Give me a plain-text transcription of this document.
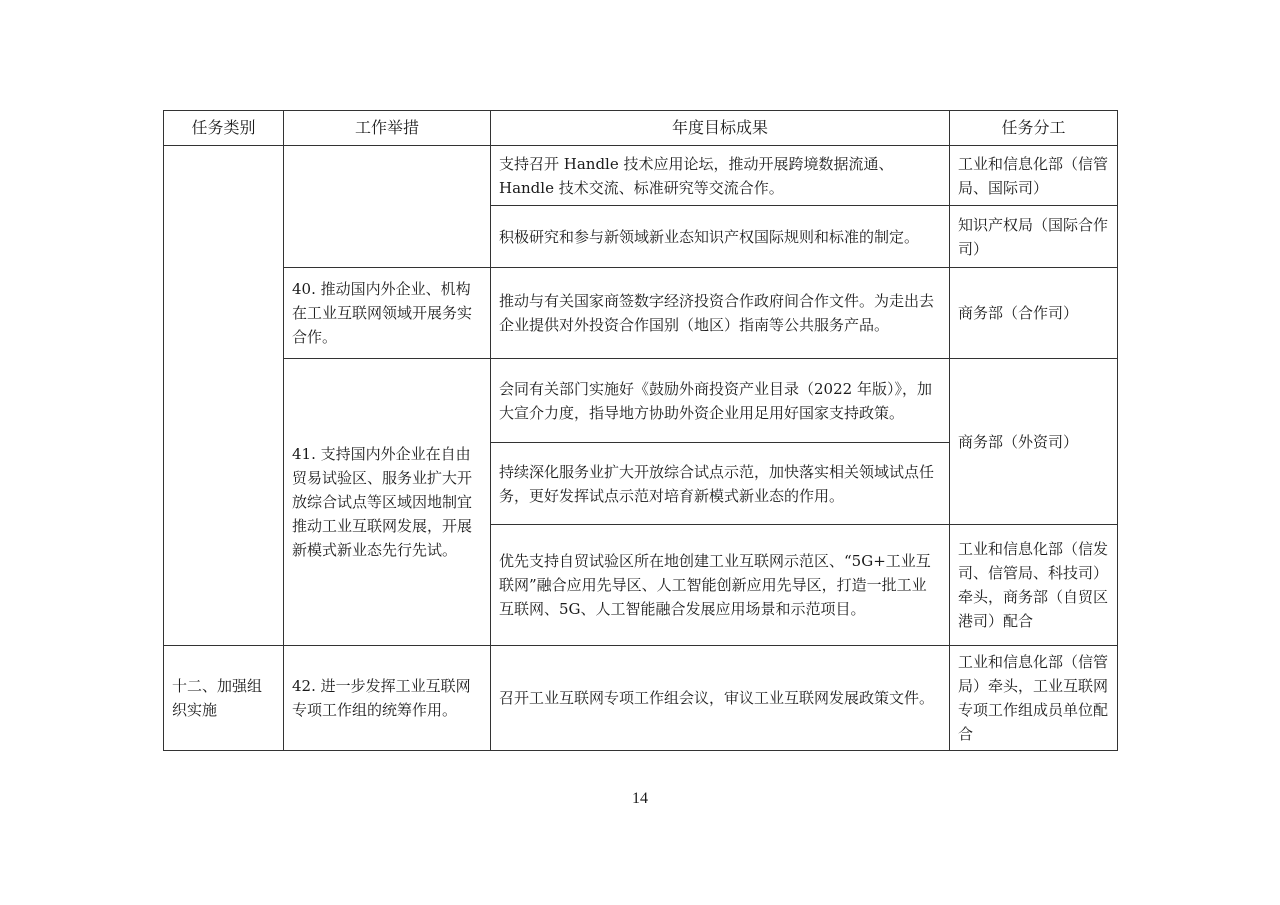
任务类别	工作举措	年度目标成果	任务分工
		支持召开 Handle 技术应用论坛，推动开展跨境数据流通、Handle 技术交流、标准研究等交流合作。	工业和信息化部（信管局、国际司）
		积极研究和参与新领域新业态知识产权国际规则和标准的制定。	知识产权局（国际合作司）
	40. 推动国内外企业、机构在工业互联网领域开展务实合作。	推动与有关国家商签数字经济投资合作政府间合作文件。为走出去企业提供对外投资合作国别（地区）指南等公共服务产品。	商务部（合作司）
	41. 支持国内外企业在自由贸易试验区、服务业扩大开放综合试点等区域因地制宜推动工业互联网发展，开展新模式新业态先行先试。	会同有关部门实施好《鼓励外商投资产业目录（2022 年版）》，加大宣介力度，指导地方协助外资企业用足用好国家支持政策。	商务部（外资司）
		持续深化服务业扩大开放综合试点示范，加快落实相关领域试点任务，更好发挥试点示范对培育新模式新业态的作用。	
		优先支持自贸试验区所在地创建工业互联网示范区、“5G+工业互联网”融合应用先导区、人工智能创新应用先导区，打造一批工业互联网、5G、人工智能融合发展应用场景和示范项目。	工业和信息化部（信发司、信管局、科技司）牵头，商务部（自贸区港司）配合
十二、加强组织实施	42. 进一步发挥工业互联网专项工作组的统筹作用。	召开工业互联网专项工作组会议，审议工业互联网发展政策文件。	工业和信息化部（信管局）牵头，工业互联网专项工作组成员单位配合
14
